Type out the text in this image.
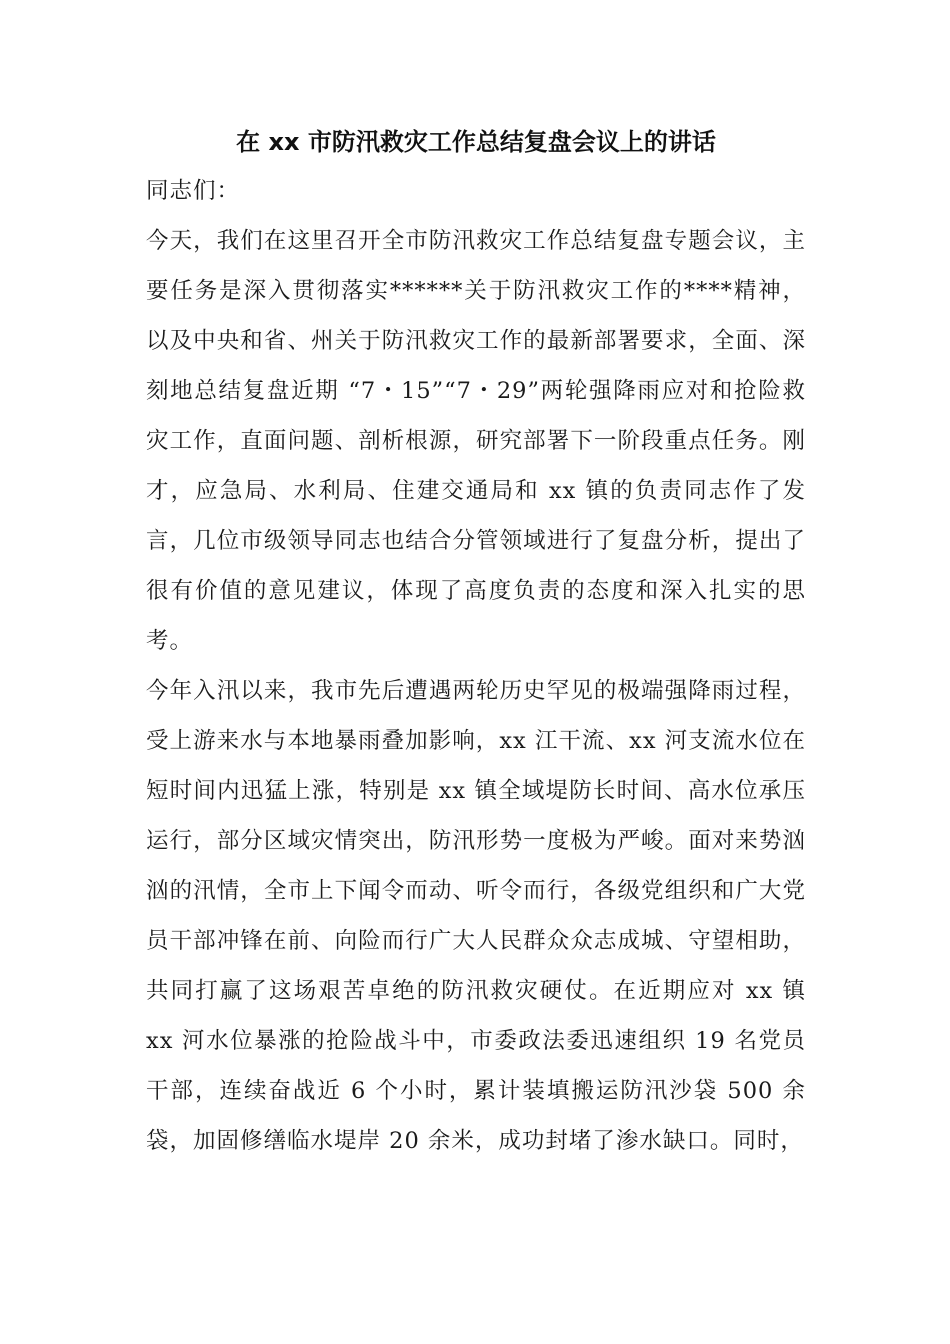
在 xx 市防汛救灾工作总结复盘会议上的讲话

同志们：

今天，我们在这里召开全市防汛救灾工作总结复盘专题会议，主要任务是深入贯彻落实******关于防汛救灾工作的****精神，以及中央和省、州关于防汛救灾工作的最新部署要求，全面、深刻地总结复盘近期 “7・15”“7・29”两轮强降雨应对和抢险救灾工作，直面问题、剖析根源，研究部署下一阶段重点任务。刚才，应急局、水利局、住建交通局和 xx 镇的负责同志作了发言，几位市级领导同志也结合分管领域进行了复盘分析，提出了很有价值的意见建议，体现了高度负责的态度和深入扎实的思考。

今年入汛以来，我市先后遭遇两轮历史罕见的极端强降雨过程，受上游来水与本地暴雨叠加影响，xx 江干流、xx 河支流水位在短时间内迅猛上涨，特别是 xx 镇全域堤防长时间、高水位承压运行，部分区域灾情突出，防汛形势一度极为严峻。面对来势汹汹的汛情，全市上下闻令而动、听令而行，各级党组织和广大党员干部冲锋在前、向险而行广大人民群众众志成城、守望相助，共同打赢了这场艰苦卓绝的防汛救灾硬仗。在近期应对 xx 镇 xx 河水位暴涨的抢险战斗中，市委政法委迅速组织 19 名党员干部，连续奋战近 6 个小时，累计装填搬运防汛沙袋 500 余袋，加固修缮临水堤岸 20 余米，成功封堵了渗水缺口。同时，
